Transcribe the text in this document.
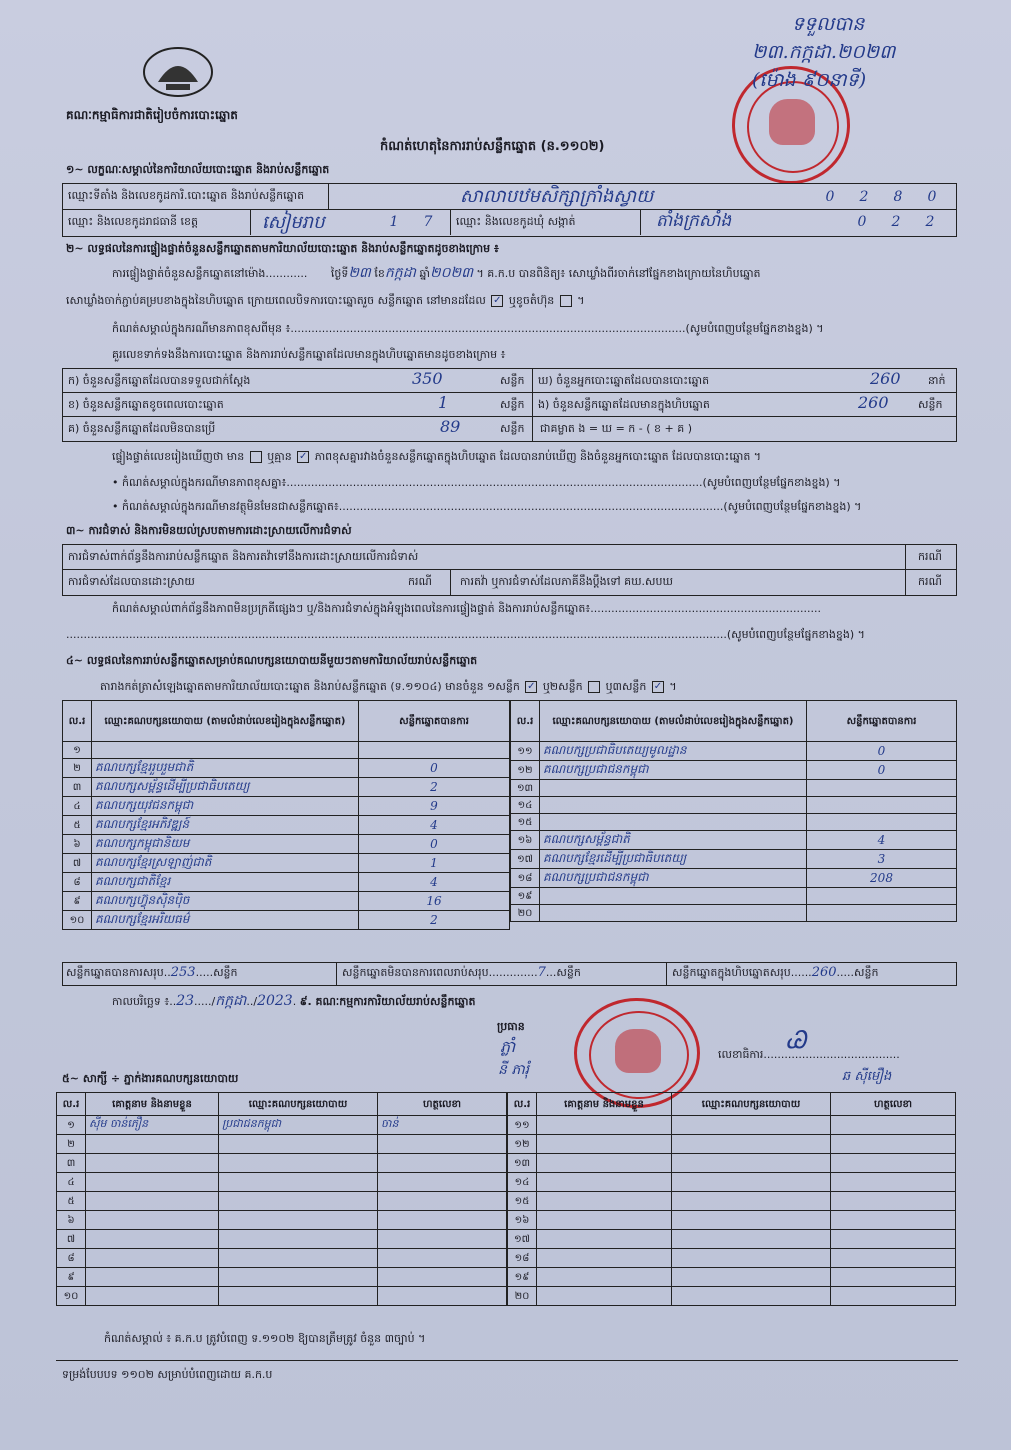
គណៈកម្មាធិការជាតិរៀបចំការបោះឆ្នោត
ទទួលបាន
២៣.កក្កដា.២០២៣
(ម៉ោង ៩០នាទី)
កំណត់ហេតុនៃការរាប់សន្លឹកឆ្នោត (ន.១១០២)
១~ លក្ខណៈសម្គាល់នៃការិយាល័យបោះឆ្នោត និងរាប់សន្លឹកឆ្នោត
ឈ្មោះទីតាំង និងលេខកូដការិ.បោះឆ្នោត និងរាប់សន្លឹកឆ្នោត	សាលាបឋមសិក្សាក្រាំងស្វាយ	0	2	8	0
ឈ្មោះ និងលេខកូដរាជធានី ខេត្ត	សៀមរាប	1	7	ឈ្មោះ និងលេខកូដឃុំ សង្កាត់	តាំងក្រសាំង	0	2	2
២~ លទ្ធផលនៃការផ្ទៀងផ្ទាត់ចំនួនសន្លឹកឆ្នោតតាមការិយាល័យបោះឆ្នោត និងរាប់សន្លឹកឆ្នោតដូចខាងក្រោម ៖
ការផ្ទៀងផ្ទាត់ចំនួនសន្លឹកឆ្នោតនៅម៉ោង............ ថ្ងៃទី២៣ ខែកក្កដា ឆ្នាំ២០២៣ ។ គ.ក.ប បានពិនិត្យ៖ សោឃ្លាំងពីរចាក់នៅផ្នែកខាងក្រោយនៃហិបឆ្នោត
សោឃ្លាំងចាក់ភ្ជាប់គម្របខាងក្នុងនៃហិបឆ្នោត ក្រោយពេលបិទការបោះឆ្នោតរួច សន្លឹកឆ្នោត នៅមានដដែល ✓ ឬខូចតំហ៊ុន  ។
កំណត់សម្គាល់ក្នុងករណីមានភាពខុសពីមុន ៖.................................................................................................................(សូមបំពេញបន្ថែមផ្នែកខាងខ្នង) ។
គួរលេខទាក់ទងនឹងការបោះឆ្នោត និងការរាប់សន្លឹកឆ្នោតដែលមានក្នុងហិបឆ្នោតមានដូចខាងក្រោម ៖
ក) ចំនួនសន្លឹកឆ្នោតដែលបានទទួលជាក់ស្តែង	350	សន្លឹក ឃ) ចំនួនអ្នកបោះឆ្នោតដែលបានបោះឆ្នោត	260 នាក់
ខ) ចំនួនសន្លឹកឆ្នោតខូចពេលបោះឆ្នោត	1	សន្លឹក ង) ចំនួនសន្លឹកឆ្នោតដែលមានក្នុងហិបឆ្នោត	260	សន្លឹក
គ) ចំនួនសន្លឹកឆ្នោតដែលមិនបានប្រើ	89	សន្លឹក ជាគម្លាត ង = ឃ = ក - ( ខ + គ )
ផ្ទៀងផ្ទាត់លេខរៀងឃើញថា មាន ឬគ្មាន ✓ ភាពខុសគ្នារវាងចំនួនសន្លឹកឆ្នោតក្នុងហិបឆ្នោត ដែលបានរាប់ឃើញ និងចំនួនអ្នកបោះឆ្នោត ដែលបានបោះឆ្នោត ។
• កំណត់សម្គាល់ក្នុងករណីមានភាពខុសគ្នា៖.......................................................................................................................(សូមបំពេញបន្ថែមផ្នែកខាងខ្នង) ។
• កំណត់សម្គាល់ក្នុងករណីមានវត្ថុមិនមែនជាសន្លឹកឆ្នោត៖..............................................................................................................(សូមបំពេញបន្ថែមផ្នែកខាងខ្នង) ។
៣~ ការជំទាស់ និងការមិនយល់ស្របតាមការដោះស្រាយលើការជំទាស់
ការជំទាស់ពាក់ព័ន្ធនឹងការរាប់សន្លឹកឆ្នោត និងការតវ៉ាទៅនឹងការដោះស្រាយលើការជំទាស់	ករណី
ការជំទាស់ដែលបានដោះស្រាយ	ករណី	ការតវ៉ា ឬការជំទាស់ដែលភាគីនឹងប្តឹងទៅ គឃ.សបឃ	ករណី
កំណត់សម្គាល់ពាក់ព័ន្ធនឹងភាពមិនប្រក្រតីផ្សេងៗ ឬ/និងការជំទាស់ក្នុងអំឡុងពេលនៃការផ្ទៀងផ្ទាត់ និងការរាប់សន្លឹកឆ្នោត៖..................................................................
.............................................................................................................................................................................................(សូមបំពេញបន្ថែមផ្នែកខាងខ្នង) ។
៤~ លទ្ធផលនៃការរាប់សន្លឹកឆ្នោតសម្រាប់គណបក្សនយោបាយនីមួយៗតាមការិយាល័យរាប់សន្លឹកឆ្នោត
តារាងកត់ត្រាសំឡេងឆ្នោតតាមការិយាល័យបោះឆ្នោត និងរាប់សន្លឹកឆ្នោត (ទ.១១០៤) មានចំនួន ១សន្លឹក ✓ ឬ២សន្លឹក ឬ៣សន្លឹក ✓ ។
ល.រ	ឈ្មោះគណបក្សនយោបាយ (តាមលំដាប់លេខរៀងក្នុងសន្លឹកឆ្នោត)	សន្លឹកឆ្នោតបានការ
១		
២	គណបក្សខ្មែររួបរួមជាតិ	0
៣	គណបក្សសម្ព័ន្ធដើម្បីប្រជាធិបតេយ្យ	2
៤	គណបក្សយុវជនកម្ពុជា	9
៥	គណបក្សខ្មែរអភិវឌ្ឍន៍	4
៦	គណបក្សកម្ពុជានិយម	0
៧	គណបក្សខ្មែរស្រឡាញ់ជាតិ	1
៨	គណបក្សជាតិខ្មែរ	4
៩	គណបក្សហ៊្វុនស៊ិនប៉ិច	16
១០	គណបក្សខ្មែរអរិយធម៌	2
ល.រ	ឈ្មោះគណបក្សនយោបាយ (តាមលំដាប់លេខរៀងក្នុងសន្លឹកឆ្នោត)	សន្លឹកឆ្នោតបានការ
១១	គណបក្សប្រជាធិបតេយ្យមូលដ្ឋាន	0
១២	គណបក្សប្រជាជនកម្ពុជា	0
១៣		
១៤		
១៥		
១៦	គណបក្សសម្ព័ន្ធជាតិ	4
១៧	គណបក្សខ្មែរដើម្បីប្រជាធិបតេយ្យ	3
១៨	គណបក្សប្រជាជនកម្ពុជា	208
១៩		
២០		
សន្លឹកឆ្នោតបានការសរុប..253.....សន្លឹក	សន្លឹកឆ្នោតមិនបានការពេលរាប់សរុប..............7...សន្លឹក	សន្លឹកឆ្នោតក្នុងហិបឆ្នោតសរុប......260.....សន្លឹក
កាលបរិច្ឆេទ ៖..23...../កក្កដា../2023. ៩. គណៈកម្មការការិយាល័យរាប់សន្លឹកឆ្នោត
ប្រធាន
ភ្លាំ
នី ភារុំ
លេខាធិការ.......................................
Ꮚ
ឆ ស៊ីមឿង
៥~ សាក្សី ÷ ភ្នាក់ងារគណបក្សនយោបាយ
ល.រ	គោត្តនាម និងនាមខ្លួន	ឈ្មោះគណបក្សនយោបាយ	ហត្ថលេខា
១	ស៊ីម ចាន់ភឿន	ប្រជាជនកម្ពុជា	ចាន់
២			
៣			
៤			
៥			
៦			
៧			
៨			
៩			
១០			
ល.រ	គោត្តនាម និងនាមខ្លួន	ឈ្មោះគណបក្សនយោបាយ	ហត្ថលេខា
១១			
១២			
១៣			
១៤			
១៥			
១៦			
១៧			
១៨			
១៩			
២០			
កំណត់សម្គាល់ ៖ គ.ក.ប ត្រូវបំពេញ ទ.១១០២ ឱ្យបានត្រឹមត្រូវ ចំនួន ៣ច្បាប់ ។
ទម្រង់បែបបទ ១១០២ សម្រាប់បំពេញដោយ គ.ក.ប
